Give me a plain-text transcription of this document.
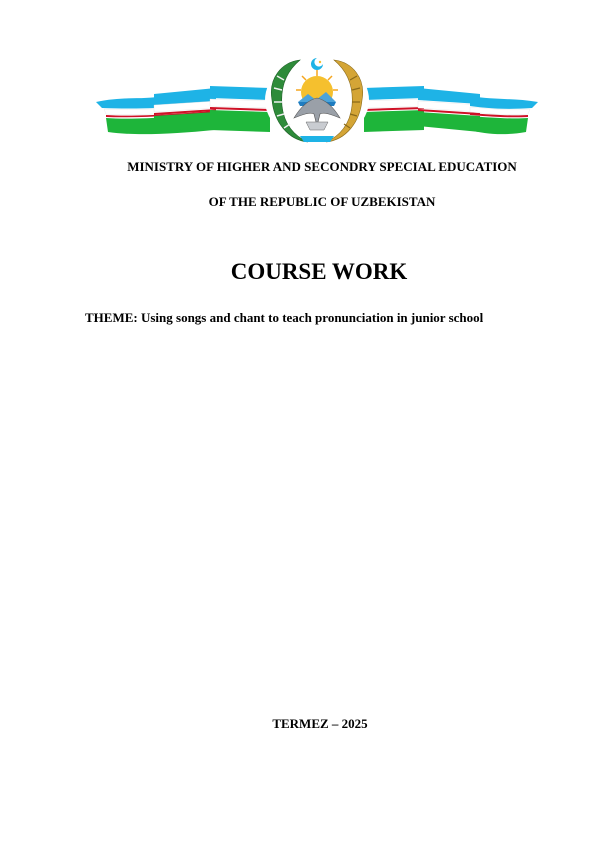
MINISTRY OF HIGHER AND SECONDRY SPECIAL EDUCATION
OF THE REPUBLIC OF UZBEKISTAN
COURSE WORK
THEME: Using songs and chant to teach pronunciation in junior school
TERMEZ – 2025
